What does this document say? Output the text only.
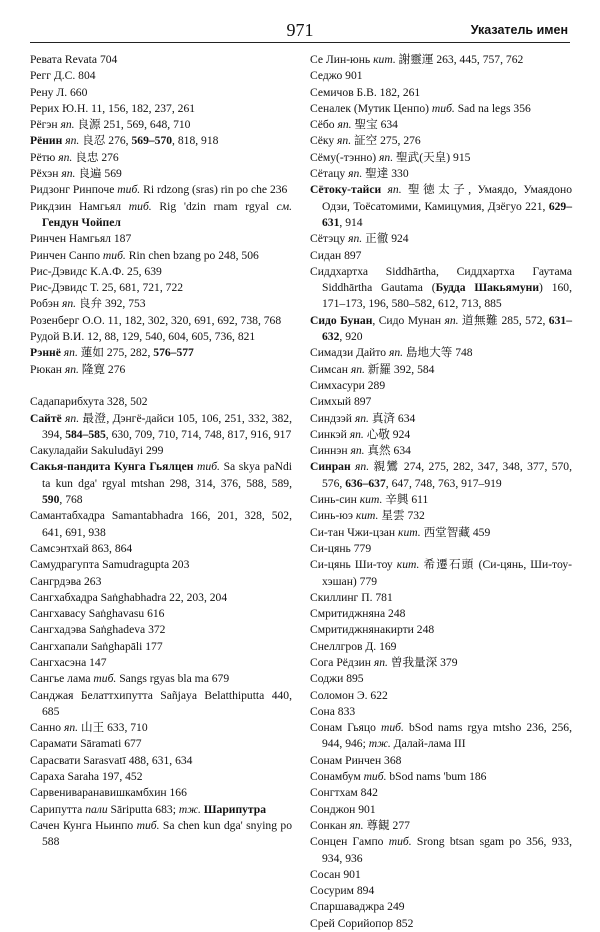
971	Указатель имен
Ревата Revata 704
Регг Д.С. 804
Рену Л. 660
Рерих Ю.Н. 11, 156, 182, 237, 261
Рёгэн яп. 良源 251, 569, 648, 710
Рёнин яп. 良忍 276, 569–570, 818, 918
Рётю яп. 良忠 276
Рёхэн яп. 良遍 569
Ридзонг Ринпоче тиб. Ri rdzong (sras) rin po che 236
Рикдзин Намгьял тиб. Rig 'dzin rnam rgyal см. Гендун Чойпел
Ринчен Намгьял 187
Ринчен Санпо тиб. Rin chen bzang po 248, 506
Рис-Дэвидс К.А.Ф. 25, 639
Рис-Дэвидс Т. 25, 681, 721, 722
Робэн яп. 良弁 392, 753
Розенберг О.О. 11, 182, 302, 320, 691, 692, 738, 768
Рудой В.И. 12, 88, 129, 540, 604, 605, 736, 821
Рэннё яп. 蓮如 275, 282, 576–577
Рюкан яп. 隆寛 276
Садапарибхута 328, 502
Сайтё яп. 最澄, Дэнгё-дайси 105, 106, 251, 332, 382, 394, 584–585, 630, 709, 710, 714, 748, 817, 916, 917
Сакуладайи Sakuludāyi 299
Сакья-пандита Кунга Гьялцен тиб. Sa skya paNdi ta kun dga' rgyal mtshan 298, 314, 376, 588, 589, 590, 768
Самантабхадра Samantabhadra 166, 201, 328, 502, 641, 691, 938
Самсэнтхай 863, 864
Самудрагупта Samudragupta 203
Сангрдэва 263
Сангхабхадра Saṅghabhadra 22, 203, 204
Сангхавасу Saṅghavasu 616
Сангхадэва Saṅghadeva 372
Сангхапали Saṅghapāli 177
Сангхасэна 147
Сангье лама тиб. Sangs rgyas bla ma 679
Санджая Белаттхипутта Sañjaya Belatthiputta 440, 685
Санно яп. 山王 633, 710
Сарамати Sāramati 677
Сарасвати Sarasvatī 488, 631, 634
Сараха Saraha 197, 452
Сарвениваранавишкамбхин 166
Сарипутта пали Sāriputta 683; тж. Шарипутра
Сачен Кунга Ньинпо тиб. Sa chen kun dga' snying po 588
Се Лин-юнь кит. 謝靈運 263, 445, 757, 762
Седжо 901
Семичов Б.В. 182, 261
Сеналек (Мутик Ценпо) тиб. Sad na legs 356
Сёбо яп. 聖宝 634
Сёку яп. 証空 275, 276
Сёму(-тэнно) яп. 聖武(天皇) 915
Сётацу яп. 聖達 330
Сётоку-тайси яп. 聖徳太子, Умаядо, Умаядоно Одзи, Тоёсатомими, Камицумия, Дзёгуо 221, 629–631, 914
Сётэцу яп. 正徹 924
Сидан 897
Сиддхартха Siddhārtha, Сиддхартха Гаутама Siddhārtha Gautama (Будда Шакьямуни) 160, 171–173, 196, 580–582, 612, 713, 885
Сидо Бунан, Сидо Мунан яп. 道無難 285, 572, 631–632, 920
Симадзи Дайто яп. 島地大等 748
Симсан яп. 新羅 392, 584
Симхасури 289
Симхый 897
Синдзэй яп. 真済 634
Синкэй яп. 心敬 924
Синнэн яп. 真然 634
Синран яп. 親鸞 274, 275, 282, 347, 348, 377, 570, 576, 636–637, 647, 748, 763, 917–919
Синь-син кит. 辛興 611
Синь-юэ кит. 星雲 732
Си-тан Чжи-цзан кит. 西堂智藏 459
Си-цянь 779
Си-цянь Ши-тоу кит. 希遷石頭 (Си-цянь, Ши-тоу-хэшан) 779
Скиллинг П. 781
Смритиджняна 248
Смритиджнянакирти 248
Снеллгров Д. 169
Сога Рёдзин яп. 曽我量深 379
Соджи 895
Соломон Э. 622
Сона 833
Сонам Гьяцо тиб. bSod nams rgya mtsho 236, 256, 944, 946; тж. Далай-лама III
Сонам Ринчен 368
Сонамбум тиб. bSod nams 'bum 186
Сонгтхам 842
Сонджон 901
Сонкан яп. 尊観 277
Сонцен Гампо тиб. Srong btsan sgam po 356, 933, 934, 936
Сосан 901
Сосурим 894
Спаршаваджра 249
Срей Сорийопор 852
